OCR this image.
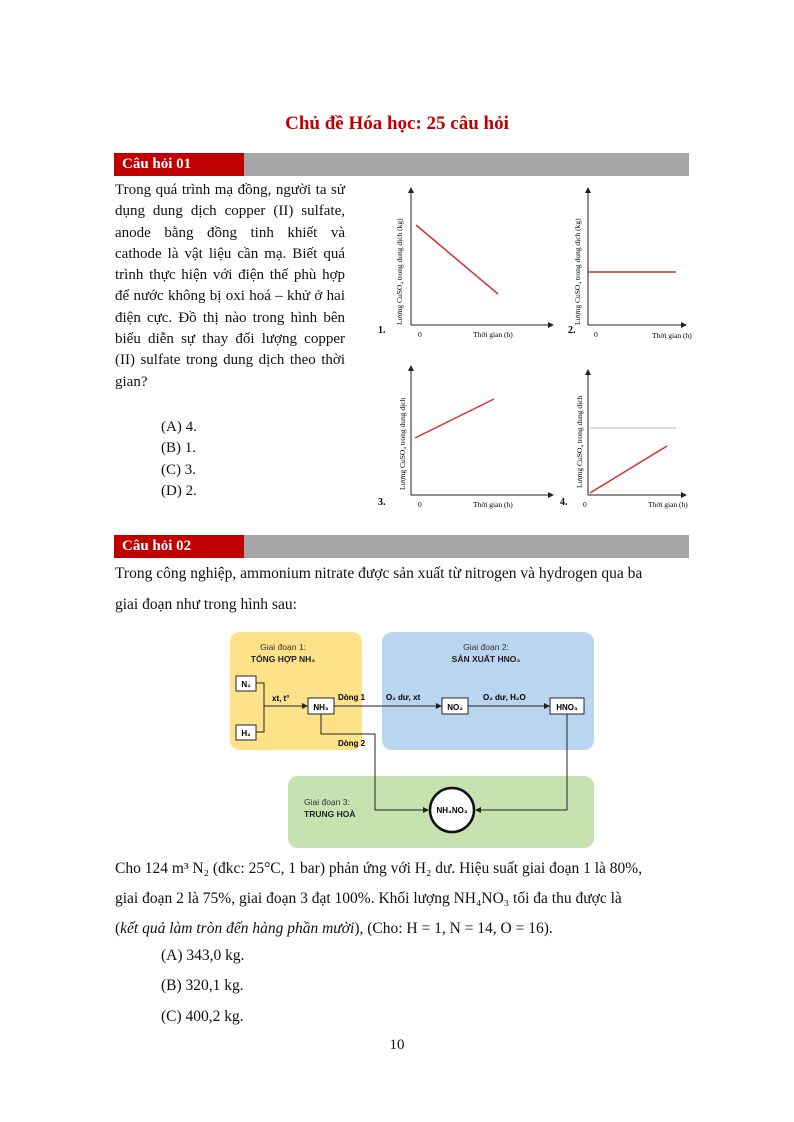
Chủ đề Hóa học: 25 câu hỏi
Câu hỏi 01
Trong quá trình mạ đồng, người ta sử dụng dung dịch copper (II) sulfate, anode bằng đồng tinh khiết và cathode là vật liệu cần mạ. Biết quá trình thực hiện với điện thế phù hợp để nước không bị oxi hoá – khử ở hai điện cực. Đồ thị nào trong hình bên biểu diễn sự thay đổi lượng copper (II) sulfate trong dung dịch theo thời gian?
(A) 4.
(B) 1.
(C) 3.
(D) 2.
Lượng CuSO₄ trong dung dịch (kg)
Thời gian (h)
0
1.
Lượng CuSO₄ trong dung dịch (kg)
Thời gian (h)
0
2.
Lượng CuSO₄ trong dung dịch
Thời gian (h)
0
3.
Lượng CuSO₄ trong dung dịch
Thời gian (h)
0
4.
Câu hỏi 02
Trong công nghiệp, ammonium nitrate được sản xuất từ nitrogen và hydrogen qua ba
giai đoạn như trong hình sau:
Giai đoạn 1:
TỔNG HỢP NH₃
Giai đoạn 2:
SẢN XUẤT HNO₃
Giai đoạn 3:
TRUNG HOÀ
N₂
H₂
xt, t°
NH₃
Dòng 1	O₂ dư, xt
NO₂
O₂ dư, H₂O
HNO₃
Dòng 2
NH₄NO₃
Cho 124 m³ N₂ (đkc: 25°C, 1 bar) phản ứng với H₂ dư. Hiệu suất giai đoạn 1 là 80%,
giai đoạn 2 là 75%, giai đoạn 3 đạt 100%. Khối lượng NH₄NO₃ tối đa thu được là
(kết quả làm tròn đến hàng phần mười), (Cho: H = 1, N = 14, O = 16).
(A) 343,0 kg.
(B) 320,1 kg.
(C) 400,2 kg.
10
